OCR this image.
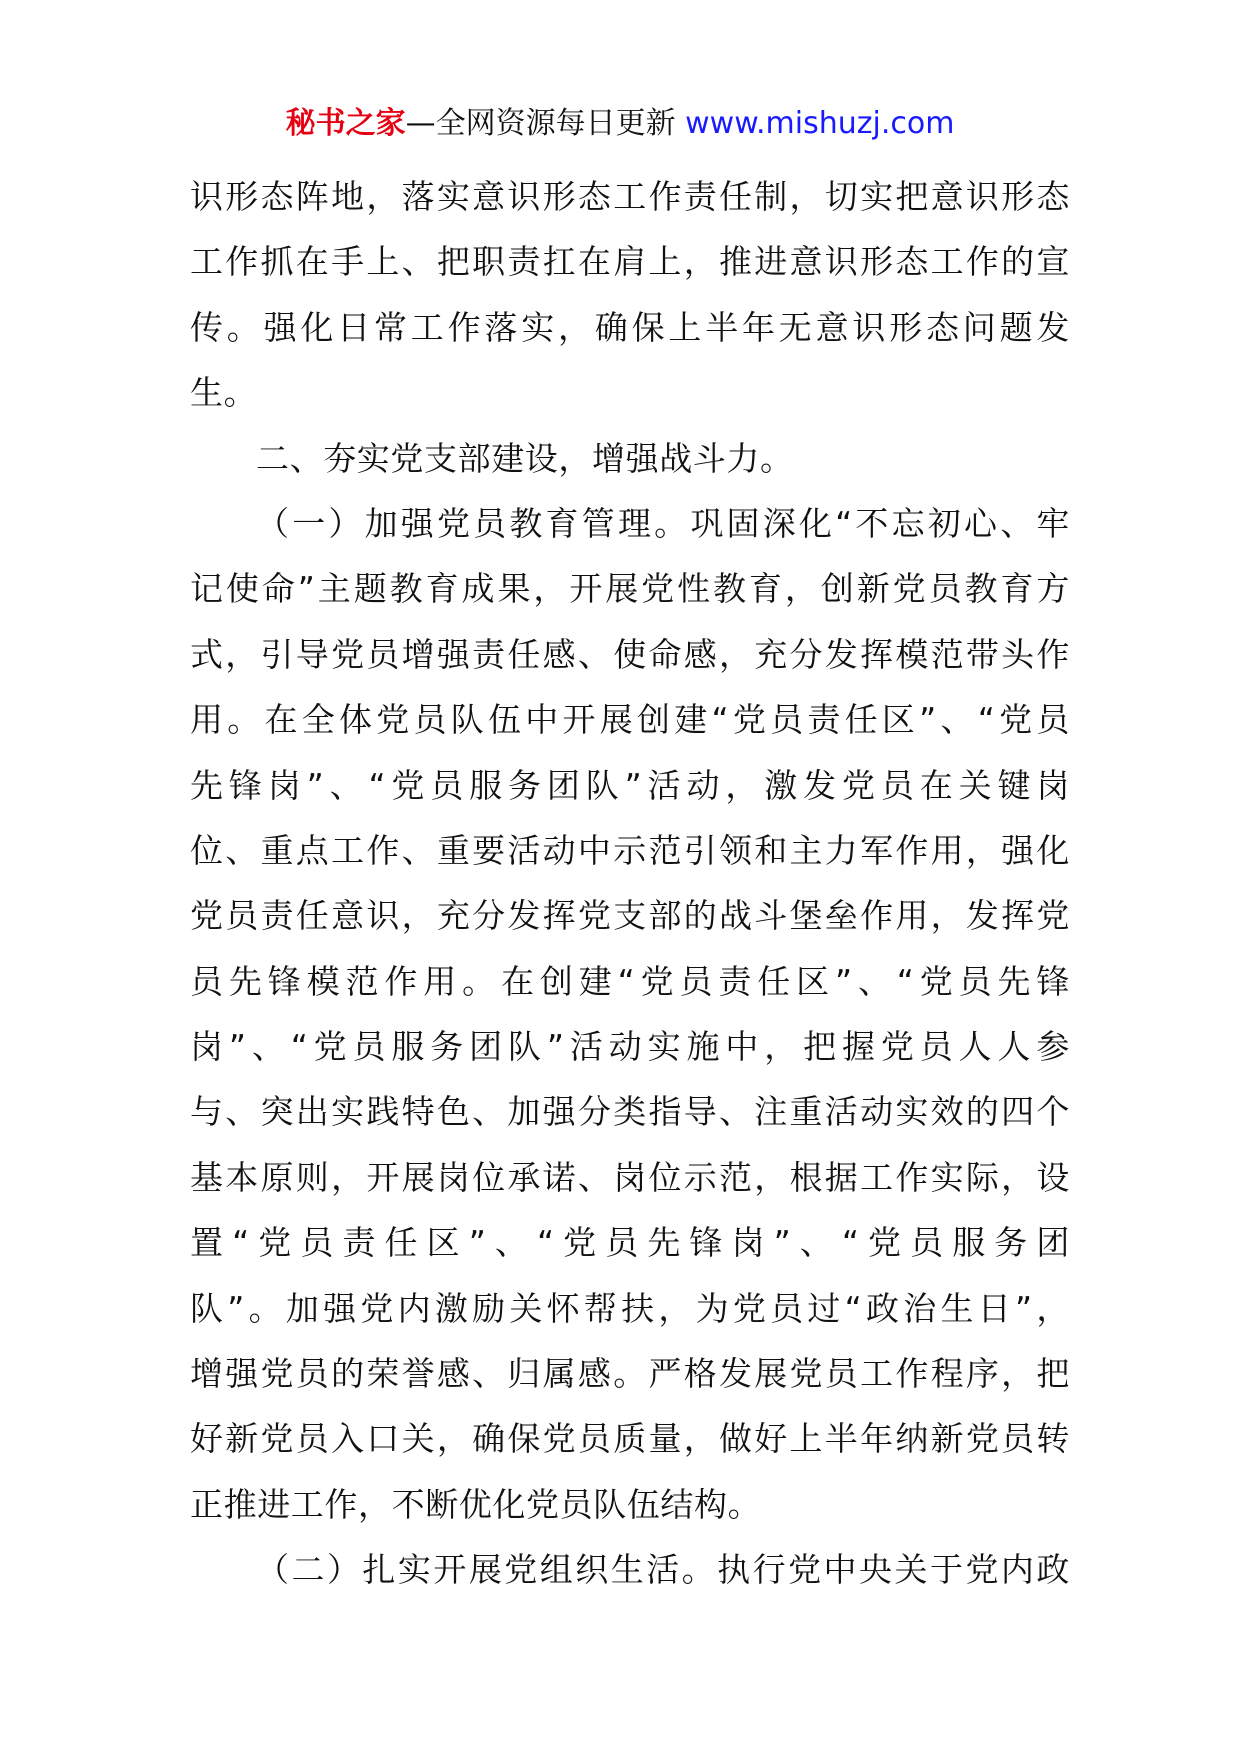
秘书之家—全网资源每日更新 www.mishuzj.com
识形态阵地，落实意识形态工作责任制，切实把意识形态
工作抓在手上、把职责扛在肩上，推进意识形态工作的宣
传。强化日常工作落实，确保上半年无意识形态问题发
生。
二、夯实党支部建设，增强战斗力。
（一）加强党员教育管理。巩固深化“不忘初心、牢
记使命”主题教育成果，开展党性教育，创新党员教育方
式，引导党员增强责任感、使命感，充分发挥模范带头作
用。在全体党员队伍中开展创建“党员责任区”、“党员
先锋岗”、“党员服务团队”活动，激发党员在关键岗
位、重点工作、重要活动中示范引领和主力军作用，强化
党员责任意识，充分发挥党支部的战斗堡垒作用，发挥党
员先锋模范作用。在创建“党员责任区”、“党员先锋
岗”、“党员服务团队”活动实施中，把握党员人人参
与、突出实践特色、加强分类指导、注重活动实效的四个
基本原则，开展岗位承诺、岗位示范，根据工作实际，设
置“党员责任区”、“党员先锋岗”、“党员服务团
队”。加强党内激励关怀帮扶，为党员过“政治生日”，
增强党员的荣誉感、归属感。严格发展党员工作程序，把
好新党员入口关，确保党员质量，做好上半年纳新党员转
正推进工作，不断优化党员队伍结构。
（二）扎实开展党组织生活。执行党中央关于党内政
